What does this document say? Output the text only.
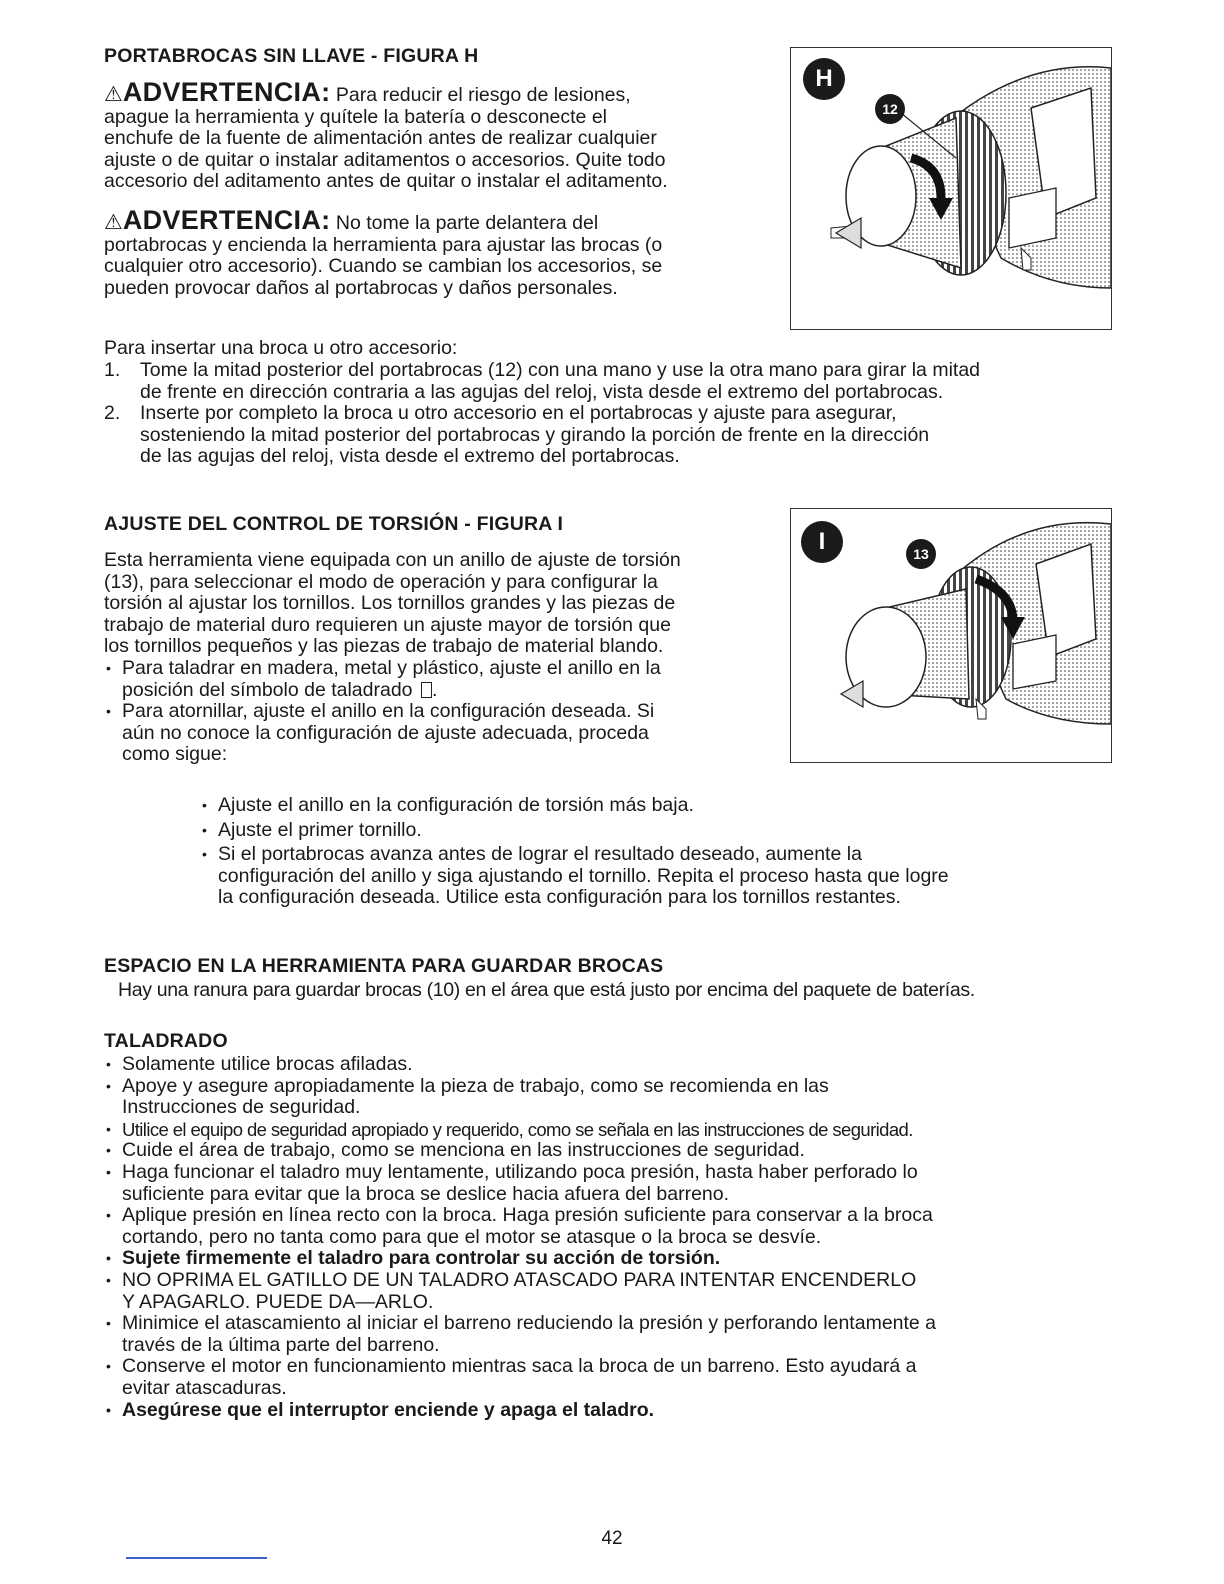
PORTABROCAS SIN LLAVE - FIGURA H
⚠ADVERTENCIA: Para reducir el riesgo de lesiones,
apague la herramienta y quítele la batería o desconecte el
enchufe de la fuente de alimentación antes de realizar cualquier
ajuste o de quitar o instalar aditamentos o accesorios. Quite todo
accesorio del aditamento antes de quitar o instalar el aditamento.
⚠ADVERTENCIA: No tome la parte delantera del
portabrocas y encienda la herramienta para ajustar las brocas (o
cualquier otro accesorio). Cuando se cambian los accesorios, se
pueden provocar daños al portabrocas y daños personales.
H
12
Para insertar una broca u otro accesorio:
1. Tome la mitad posterior del portabrocas (12) con una mano y use la otra mano para girar la mitad
de frente en dirección contraria a las agujas del reloj, vista desde el extremo del portabrocas.
2. Inserte por completo la broca u otro accesorio en el portabrocas y ajuste para asegurar,
sosteniendo la mitad posterior del portabrocas y girando la porción de frente en la dirección
de las agujas del reloj, vista desde el extremo del portabrocas.
AJUSTE DEL CONTROL DE TORSIÓN - FIGURA I
Esta herramienta viene equipada con un anillo de ajuste de torsión
(13), para seleccionar el modo de operación y para configurar la
torsión al ajustar los tornillos. Los tornillos grandes y las piezas de
trabajo de material duro requieren un ajuste mayor de torsión que
los tornillos pequeños y las piezas de trabajo de material blando.
• Para taladrar en madera, metal y plástico, ajuste el anillo en la
posición del símbolo de taladrado .
• Para atornillar, ajuste el anillo en la configuración deseada. Si
aún no conoce la configuración de ajuste adecuada, proceda
como sigue:
I	13
• Ajuste el anillo en la configuración de torsión más baja.
• Ajuste el primer tornillo.
• Si el portabrocas avanza antes de lograr el resultado deseado, aumente la
configuración del anillo y siga ajustando el tornillo. Repita el proceso hasta que logre
la configuración deseada. Utilice esta configuración para los tornillos restantes.
ESPACIO EN LA HERRAMIENTA PARA GUARDAR BROCAS
Hay una ranura para guardar brocas (10) en el área que está justo por encima del paquete de baterías.
TALADRADO
• Solamente utilice brocas afiladas.
• Apoye y asegure apropiadamente la pieza de trabajo, como se recomienda en las
Instrucciones de seguridad.
• Utilice el equipo de seguridad apropiado y requerido, como se señala en las instrucciones de seguridad.
• Cuide el área de trabajo, como se menciona en las instrucciones de seguridad.
• Haga funcionar el taladro muy lentamente, utilizando poca presión, hasta haber perforado lo
suficiente para evitar que la broca se deslice hacia afuera del barreno.
• Aplique presión en línea recto con la broca. Haga presión suficiente para conservar a la broca
cortando, pero no tanta como para que el motor se atasque o la broca se desvíe.
• Sujete firmemente el taladro para controlar su acción de torsión.
• NO OPRIMA EL GATILLO DE UN TALADRO ATASCADO PARA INTENTAR ENCENDERLO
Y APAGARLO. PUEDE DA—ARLO.
• Minimice el atascamiento al iniciar el barreno reduciendo la presión y perforando lentamente a
través de la última parte del barreno.
• Conserve el motor en funcionamiento mientras saca la broca de un barreno. Esto ayudará a
evitar atascaduras.
• Asegúrese que el interruptor enciende y apaga el taladro.
42
